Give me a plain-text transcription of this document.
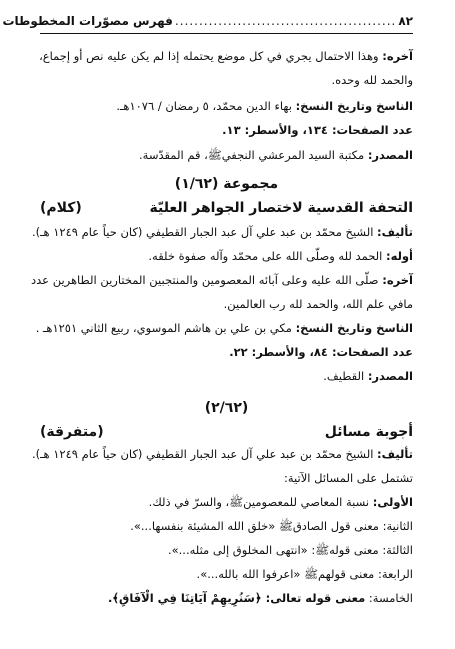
٨٢
..............................................
فهرس مصوّرات المخطوطات
آخره: وهذا الاحتمال يجري في كل موضع يحتمله إذا لم يكن عليه نص أو إجماع،
والحمد لله وحده.
الناسخ وتاريخ النسخ: بهاء الدين محمّد، ٥ رمضان / ١٠٧٦هـ.
عدد الصفحات: ١٣٤، والأسطر: ١٣.
المصدر: مكتبة السيد المرعشي النجفيﷺ، قم المقدّسة.
مجموعة (١/٦٢)
التحفة القدسية لاختصار الجواهر العليّة
(كلام)
تأليف: الشيخ محمّد بن عبد علي آل عبد الجبار القطيفي (كان حياً عام ١٢٤٩ هـ).
أوله: الحمد لله وصلّى الله على محمّد وآله صفوة خلقه.
آخره: صلّى الله عليه وعلى آبائه المعصومين والمنتجبين المختارين الطاهرين عدد
مافي علم الله، والحمد لله رب العالمين.
الناسخ وتاريخ النسخ: مكي بن علي بن هاشم الموسوي، ربيع الثاني ١٢٥١هـ .
عدد الصفحات: ٨٤، والأسطر: ٢٢.
المصدر: القطيف.
(٢/٦٢)
أجوبة مسائل
(متفرقة)
تأليف: الشيخ محمّد بن عبد علي آل عبد الجبار القطيفي (كان حياً عام ١٢٤٩ هـ).
تشتمل على المسائل الآتية:
الأولى: نسبة المعاصي للمعصومينﷺ، والسرّ في ذلك.
الثانية: معنى قول الصادقﷺ «خلق الله المشيئة بنفسها...».
الثالثة: معنى قولهﷺ: «انتهى المخلوق إلى مثله...».
الرابعة: معنى قولهمﷺ «اعرفوا الله بالله...».
الخامسة: معنى قوله تعالى: ﴿سَنُرِيهِمْ آيَاتِنَا فِي الْآفَاقِ﴾.
